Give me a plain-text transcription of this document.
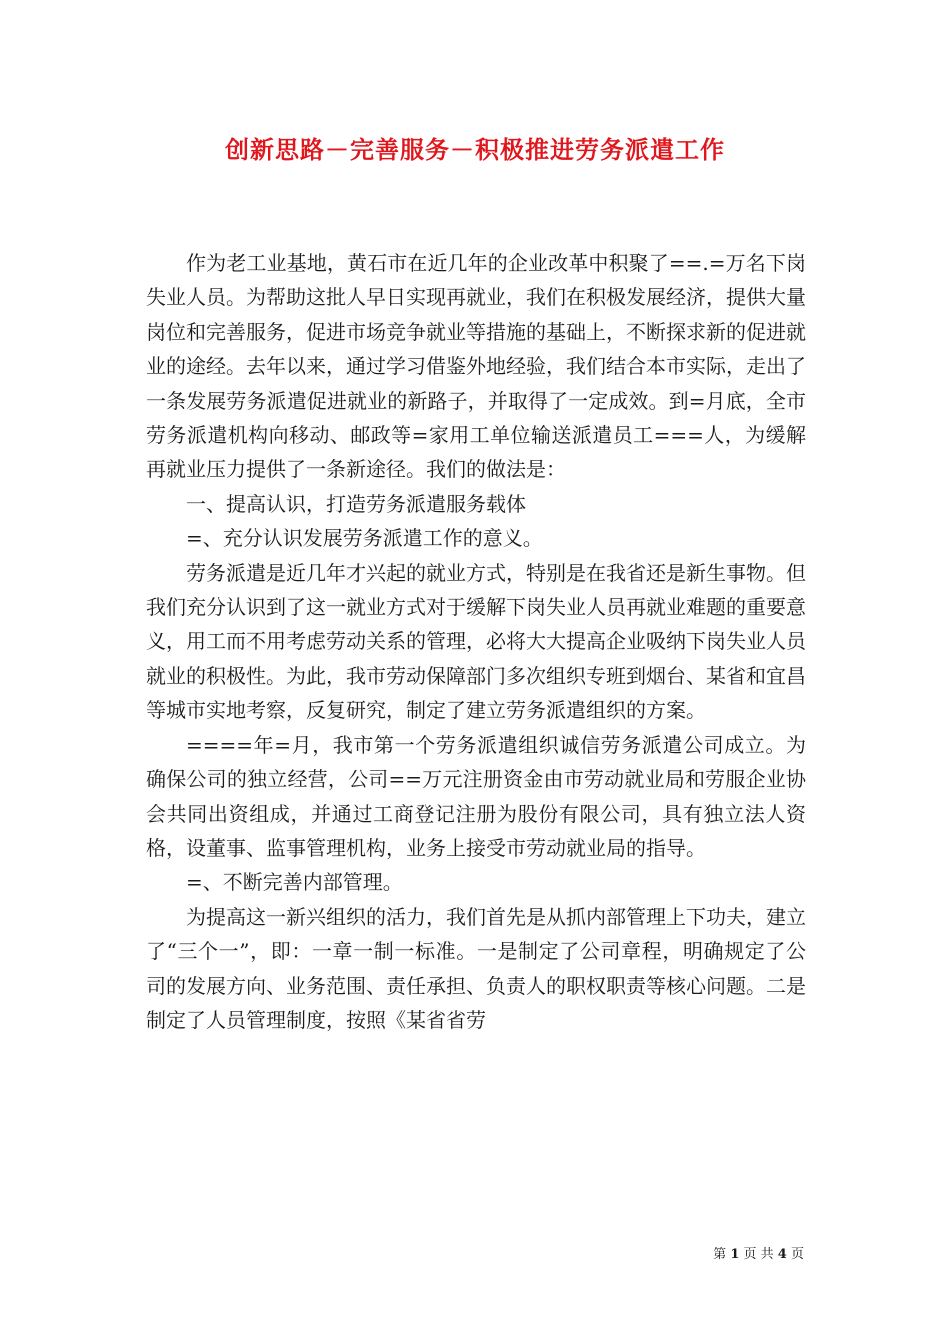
创新思路－完善服务－积极推进劳务派遣工作

作为老工业基地，黄石市在近几年的企业改革中积聚了==.=万名下岗失业人员。为帮助这批人早日实现再就业，我们在积极发展经济，提供大量岗位和完善服务，促进市场竞争就业等措施的基础上，不断探求新的促进就业的途经。去年以来，通过学习借鉴外地经验，我们结合本市实际，走出了一条发展劳务派遣促进就业的新路子，并取得了一定成效。到=月底，全市劳务派遣机构向移动、邮政等=家用工单位输送派遣员工===人，为缓解再就业压力提供了一条新途径。我们的做法是：

一、提高认识，打造劳务派遣服务载体

=、充分认识发展劳务派遣工作的意义。

劳务派遣是近几年才兴起的就业方式，特别是在我省还是新生事物。但我们充分认识到了这一就业方式对于缓解下岗失业人员再就业难题的重要意义，用工而不用考虑劳动关系的管理，必将大大提高企业吸纳下岗失业人员就业的积极性。为此，我市劳动保障部门多次组织专班到烟台、某省和宜昌等城市实地考察，反复研究，制定了建立劳务派遣组织的方案。

====年=月，我市第一个劳务派遣组织诚信劳务派遣公司成立。为确保公司的独立经营，公司==万元注册资金由市劳动就业局和劳服企业协会共同出资组成，并通过工商登记注册为股份有限公司，具有独立法人资格，设董事、监事管理机构，业务上接受市劳动就业局的指导。

=、不断完善内部管理。

为提高这一新兴组织的活力，我们首先是从抓内部管理上下功夫，建立了“三个一”，即：一章一制一标准。一是制定了公司章程，明确规定了公司的发展方向、业务范围、责任承担、负责人的职权职责等核心问题。二是制定了人员管理制度，按照《某省省劳

第 1 页 共 4 页
